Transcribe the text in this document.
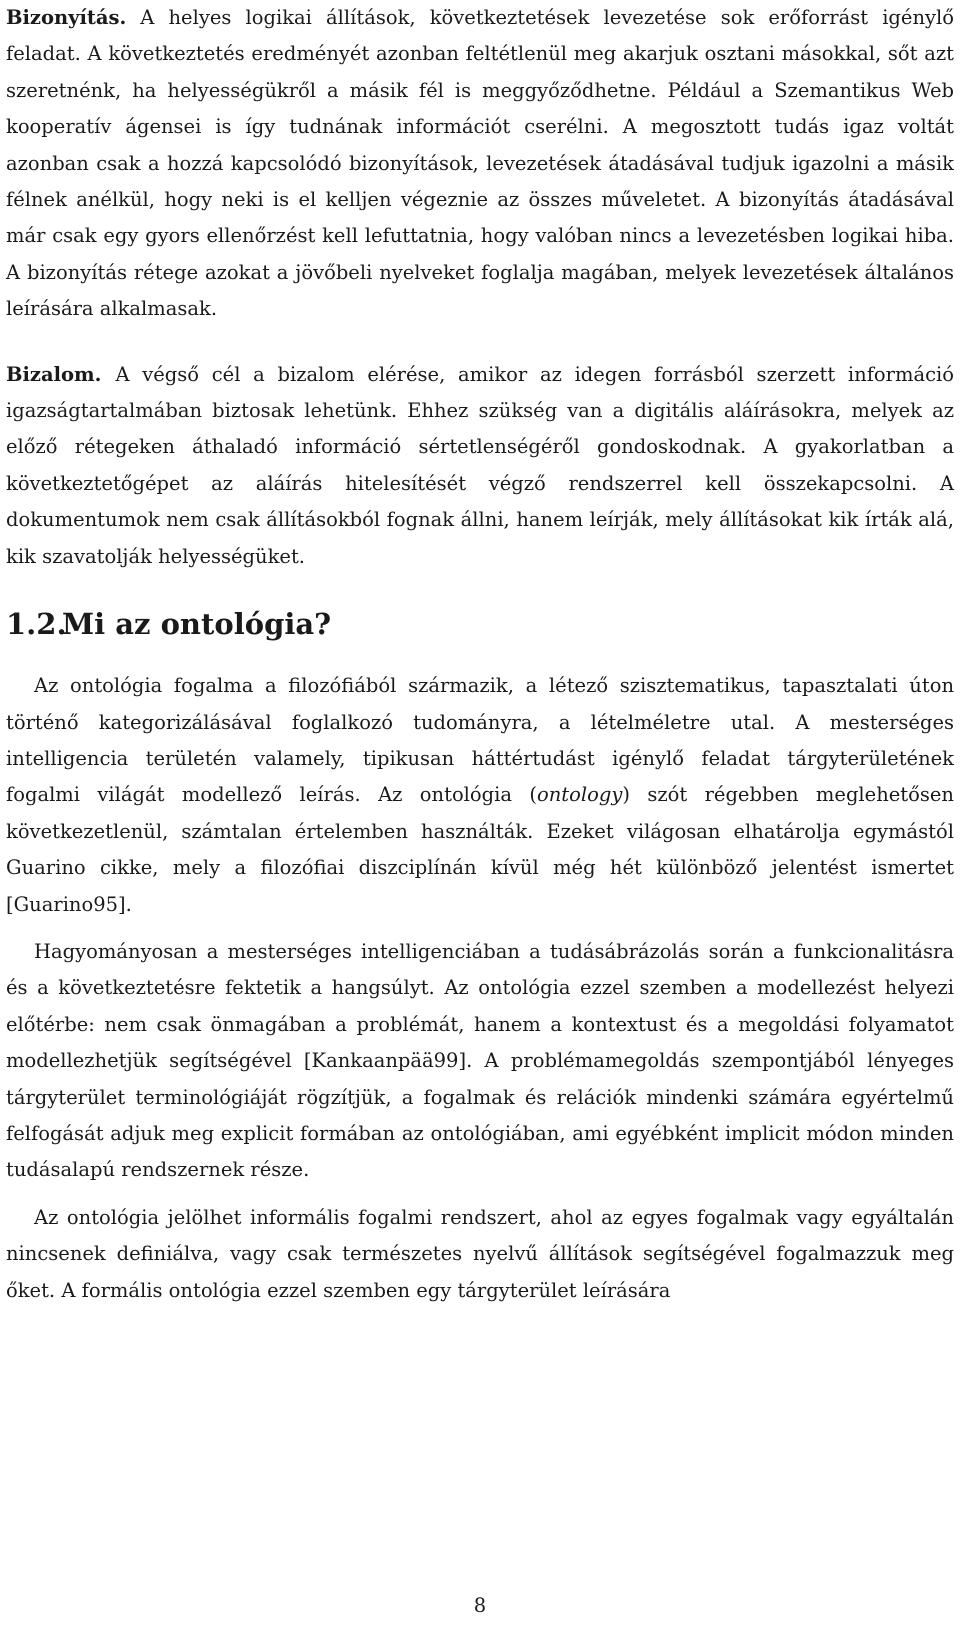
Bizonyítás. A helyes logikai állítások, következtetések levezetése sok erőforrást igénylő feladat. A következtetés eredményét azonban feltétlenül meg akarjuk osztani másokkal, sőt azt szeretnénk, ha helyességükről a másik fél is meggyőződhetne. Például a Szemantikus Web kooperatív ágensei is így tudnának információt cserélni. A megosztott tudás igaz voltát azonban csak a hozzá kapcsolódó bizonyítások, levezetések átadásával tudjuk igazolni a másik félnek anélkül, hogy neki is el kelljen végeznie az összes műveletet. A bizonyítás átadásával már csak egy gyors ellenőrzést kell lefuttatnia, hogy valóban nincs a levezetésben logikai hiba. A bizonyítás rétege azokat a jövőbeli nyelveket foglalja magában, melyek levezetések általános leírására alkalmasak.

Bizalom. A végső cél a bizalom elérése, amikor az idegen forrásból szerzett információ igazságtartalmában biztosak lehetünk. Ehhez szükség van a digitális aláírásokra, melyek az előző rétegeken áthaladó információ sértetlenségéről gondoskodnak. A gyakorlatban a következtetőgépet az aláírás hitelesítését végző rendszerrel kell összekapcsolni. A dokumentumok nem csak állításokból fognak állni, hanem leírják, mely állításokat kik írták alá, kik szavatolják helyességüket.

1.2.Mi az ontológia?

Az ontológia fogalma a filozófiából származik, a létező szisztematikus, tapasztalati úton történő kategorizálásával foglalkozó tudományra, a lételméletre utal. A mesterséges intelligencia területén valamely, tipikusan háttértudást igénylő feladat tárgyterületének fogalmi világát modellező leírás. Az ontológia (ontology) szót régebben meglehetősen következetlenül, számtalan értelemben használták. Ezeket világosan elhatárolja egymástól Guarino cikke, mely a filozófiai diszciplínán kívül még hét különböző jelentést ismertet [Guarino95].

Hagyományosan a mesterséges intelligenciában a tudásábrázolás során a funkcionalitásra és a következtetésre fektetik a hangsúlyt. Az ontológia ezzel szemben a modellezést helyezi előtérbe: nem csak önmagában a problémát, hanem a kontextust és a megoldási folyamatot modellezhetjük segítségével [Kankaanpää99]. A problémamegoldás szempontjából lényeges tárgyterület terminológiáját rögzítjük, a fogalmak és relációk mindenki számára egyértelmű felfogását adjuk meg explicit formában az ontológiában, ami egyébként implicit módon minden tudásalapú rendszernek része.

Az ontológia jelölhet informális fogalmi rendszert, ahol az egyes fogalmak vagy egyáltalán nincsenek definiálva, vagy csak természetes nyelvű állítások segítségével fogalmazzuk meg őket. A formális ontológia ezzel szemben egy tárgyterület leírására

8
